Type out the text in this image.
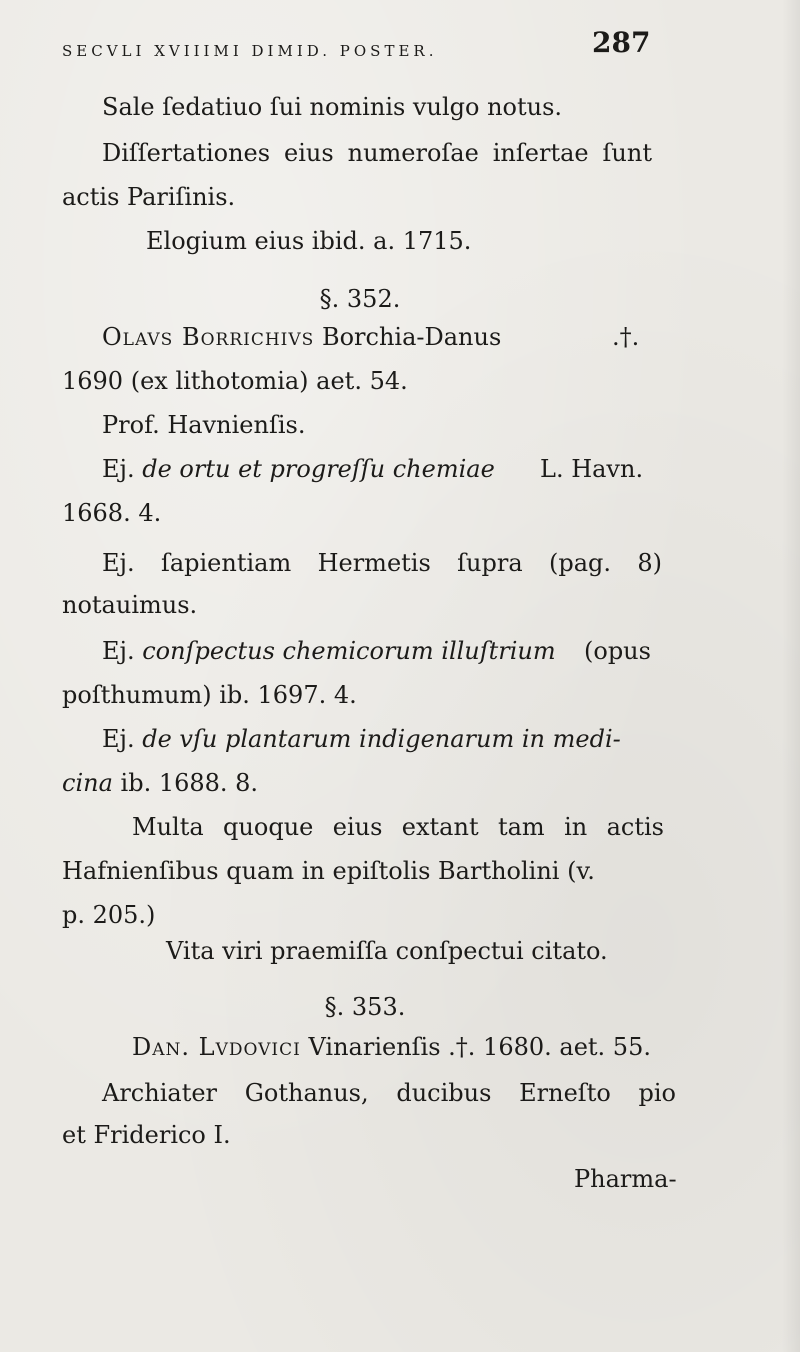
SECVLI XVIIIMI DIMID. POSTER.	287
Sale ſedatiuo ſui nominis vulgo notus.
Diſſertationes eius numeroſae inſertae ſunt
actis Pariſinis.
Elogium eius ibid. a. 1715.
§. 352.
Olavs Borrichivs Borchia-Danus	.†.
1690 (ex lithotomia) aet. 54.
Prof. Havnienſis.
Ej. de ortu et progreſſu chemiae L. Havn.
1668. 4.
Ej. ſapientiam Hermetis ſupra (pag. 8)
notauimus.
Ej. conſpectus chemicorum illuſtrium (opus
poſthumum) ib. 1697. 4.
Ej. de vſu plantarum indigenarum in medi-
cina ib. 1688. 8.
Multa quoque eius extant tam in actis
Hafnienſibus quam in epiſtolis Bartholini (v.
p. 205.)
Vita viri praemiſſa conſpectui citato.
§. 353.
Dan. Lvdovici Vinarienſis .†. 1680. aet. 55.
Archiater Gothanus, ducibus Erneſto pio
et Friderico I.
Pharma-
